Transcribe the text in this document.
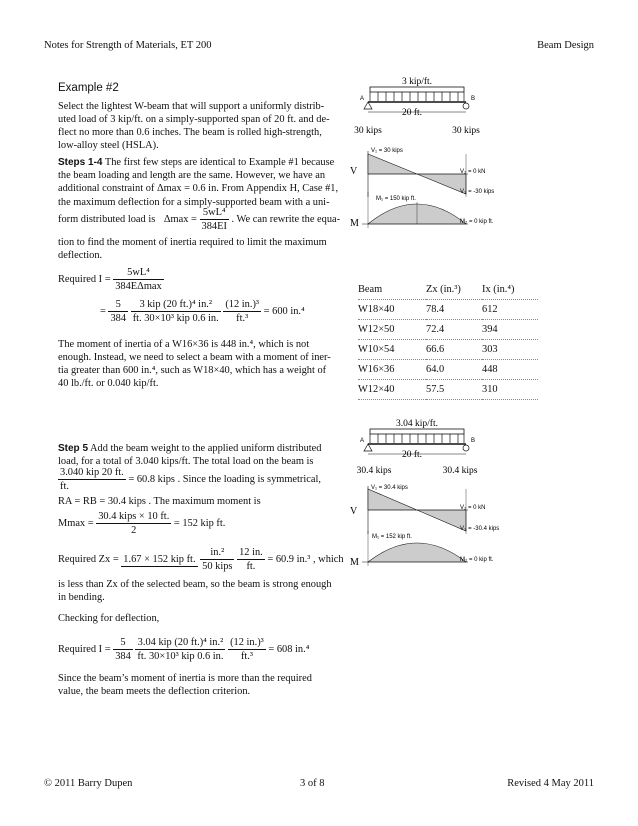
Notes for Strength of Materials, ET 200	Beam Design
Example #2
Select the lightest W-beam that will support a uniformly distrib-
uted load of 3 kip/ft. on a simply-supported span of 20 ft. and de-
flect no more than 0.6 inches. The beam is rolled high-strength,
low-alloy steel (HSLA).
Steps 1-4 The first few steps are identical to Example #1 because
the beam loading and length are the same. However, we have an
additional constraint of Δmax = 0.6 in. From Appendix H, Case #1,
the maximum deflection for a simply-supported beam with a uni-
form distributed load is $\Delta\max = \frac{\text{5wL⁴}}{384EI}$ . We can rewrite the equa-
tion to find the moment of inertia required to limit the maximum
deflection.
Required $I = \frac{\text{5wL⁴}}{384E\Delta\max}$
= $\frac{5}{384}$
$\frac{\text{3 kip (20 ft.)⁴ in.²}}{\text{ft. 30×10³ kip 0.6 in.}}$
$\frac{\text{(12 in.)³}}{\text{ft.³}} = 600$ in.⁴
The moment of inertia of a W16×36 is 448 in.⁴, which is not
enough. Instead, we need to select a beam with a moment of iner-
tia greater than 600 in.⁴, such as W18×40, which has a weight of
40 lb./ft. or 0.040 kip/ft.
Step 5 Add the beam weight to the applied uniform distributed
load, for a total of 3.040 kips/ft. The total load on the beam is
$\frac{\text{3.040 kip 20 ft.}}{ft.} = 60.8$ kips . Since the loading is symmetrical,
RA = RB = 30.4 kips . The maximum moment is
$Mmax = \frac{\text{30.4 kips × 10 ft.}}{2} = 152$ kip ft.
Required Zx = 1.67 × 152 kip ft.
$\frac{\text{in.²}}{\text{50 kips}}$
$\frac{12 in.}{ft.} = 60.9$ in.³ , which
is less than Zx of the selected beam, so the beam is strong enough
in bending.
Checking for deflection,
Required $I = \frac{5}{384}$
$\frac{\text{3.04 kip (20 ft.)⁴ in.²}}{\text{ft. 30×10³ kip 0.6 in.}}$
$\frac{\text{(12 in.)³}}{\text{ft.³}} = 608$ in.⁴
Since the beam’s moment of inertia is more than the required
value, the beam meets the deflection criterion.
3 kip/ft.
A	B
20 ft.
30 kips	30 kips
V
V₁ = 30 kips
V₂ = 0 kN
V₃ = -30 kips
M
M₁ = 150 kip ft.
M₂ = 0 kip ft.
Beam	Zx (in.³)	Ix (in.⁴)
W18×40	78.4	612
W12×50	72.4	394
W10×54	66.6	303
W16×36	64.0	448
W12×40	57.5	310
3.04 kip/ft.
A	B
20 ft.
30.4 kips	30.4 kips
V
V₁ = 30.4 kips
V₂ = 0 kN
V₃ = -30.4 kips
M
M₁ = 152 kip ft.
M₂ = 0 kip ft.
© 2011 Barry Dupen	3 of 8	Revised 4 May 2011
